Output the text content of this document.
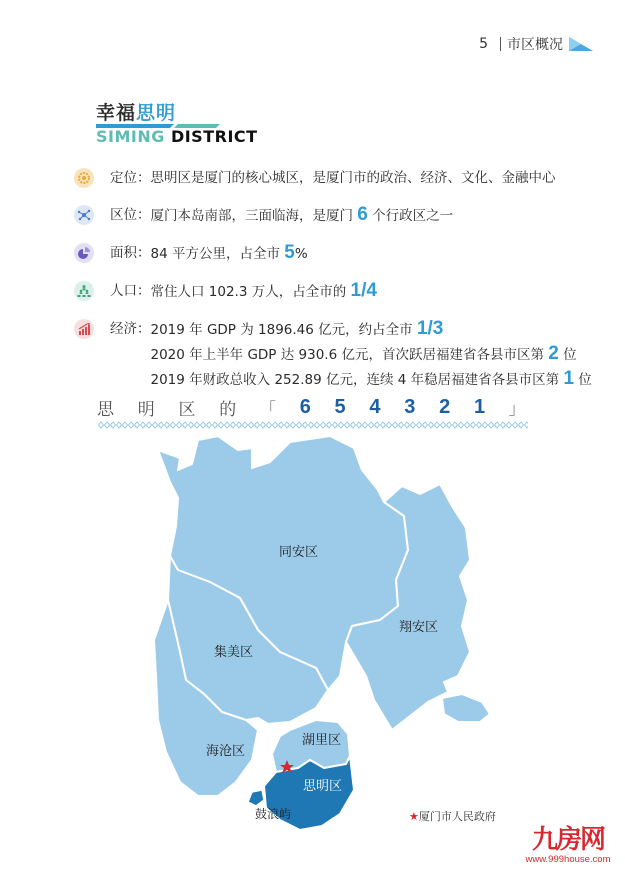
5 市区概况
幸福思明
SIMING DISTRICT
定位： 思明区是厦门的核心城区，是厦门市的政治、经济、文化、金融中心
区位： 厦门本岛南部，三面临海，是厦门 6 个行政区之一
面积： 84 平方公里，占全市 5%
人口： 常住人口 102.3 万人，占全市的 1/4
经济： 2019 年 GDP 为 1896.46 亿元，约占全市 1/3
2020 年上半年 GDP 达 930.6 亿元，首次跃居福建省各县市区第 2 位
2019 年财政总收入 252.89 亿元，连续 4 年稳居福建省各县市区第 1 位
思 明 区 的 「 6 5 4 3 2 1 」
同安区
翔安区
集美区
海沧区
湖里区
思明区
鼓浪屿	★厦门市人民政府
九房网
www.999house.com
